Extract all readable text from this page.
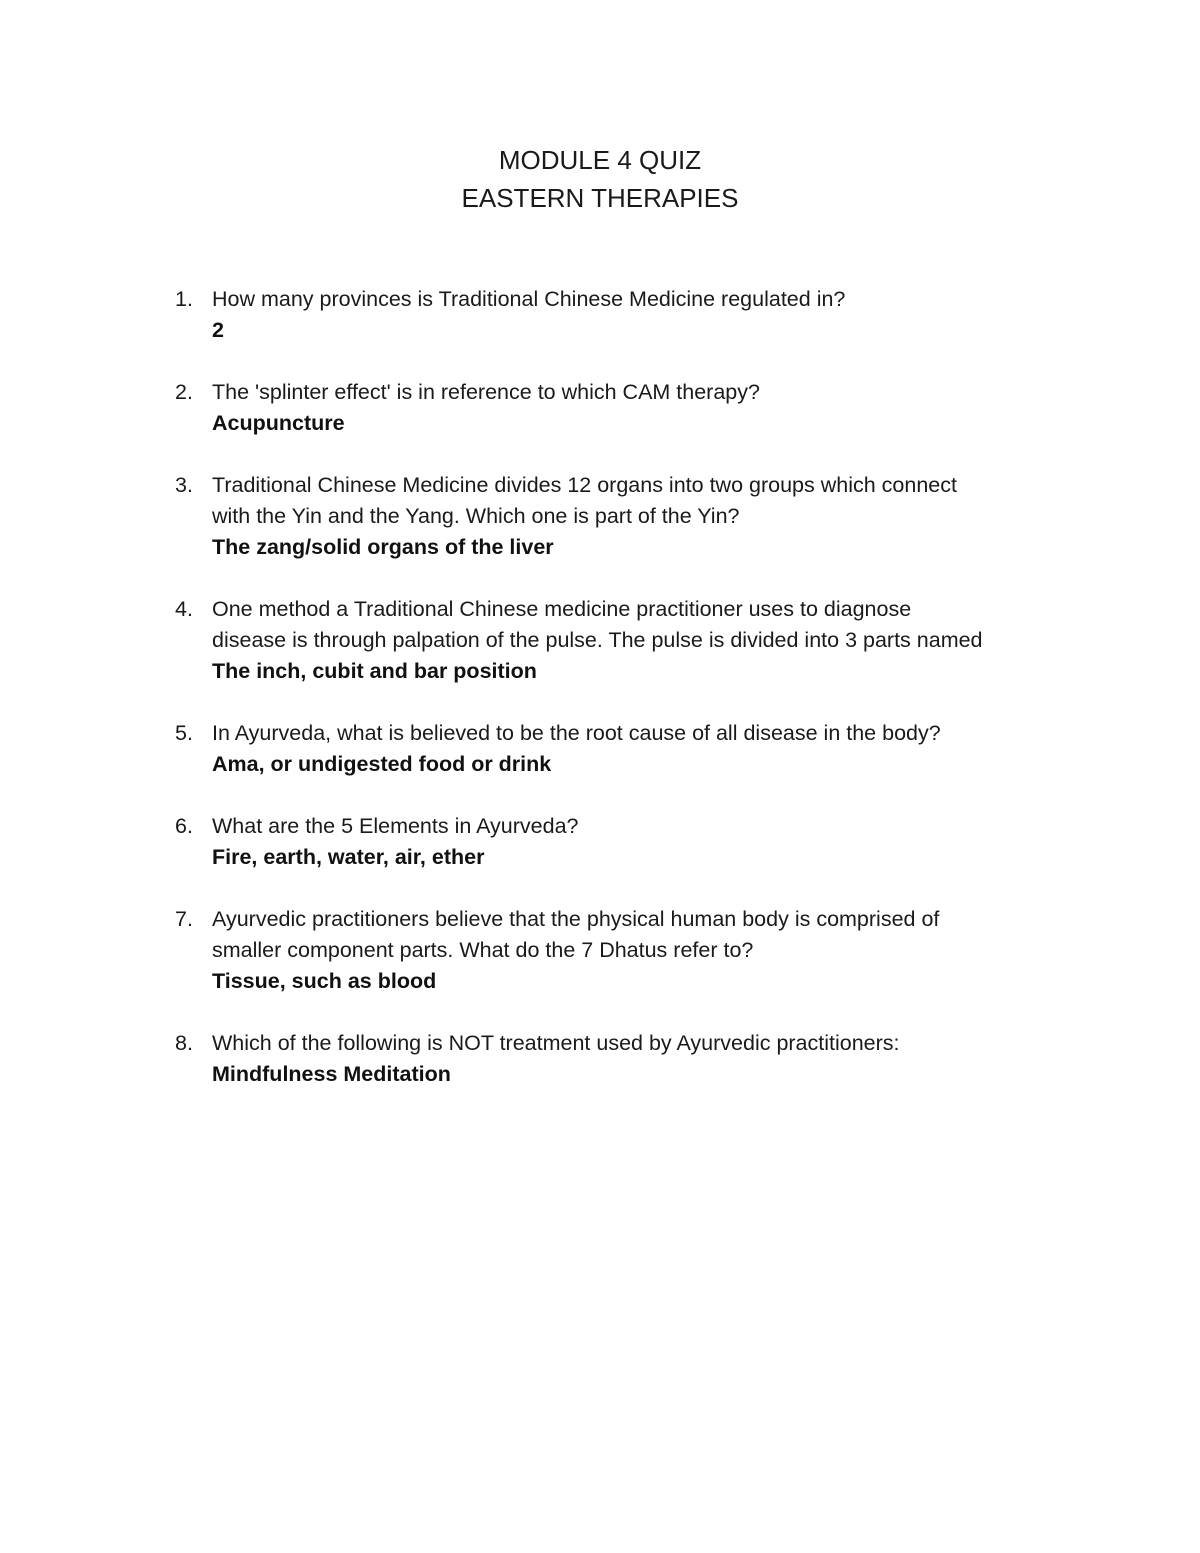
MODULE 4 QUIZ
EASTERN THERAPIES
1. How many provinces is Traditional Chinese Medicine regulated in?
2
2. The 'splinter effect' is in reference to which CAM therapy?
Acupuncture
3. Traditional Chinese Medicine divides 12 organs into two groups which connect
with the Yin and the Yang. Which one is part of the Yin?
The zang/solid organs of the liver
4. One method a Traditional Chinese medicine practitioner uses to diagnose
disease is through palpation of the pulse. The pulse is divided into 3 parts named
The inch, cubit and bar position
5. In Ayurveda, what is believed to be the root cause of all disease in the body?
Ama, or undigested food or drink
6. What are the 5 Elements in Ayurveda?
Fire, earth, water, air, ether
7. Ayurvedic practitioners believe that the physical human body is comprised of
smaller component parts. What do the 7 Dhatus refer to?
Tissue, such as blood
8. Which of the following is NOT treatment used by Ayurvedic practitioners:
Mindfulness Meditation
